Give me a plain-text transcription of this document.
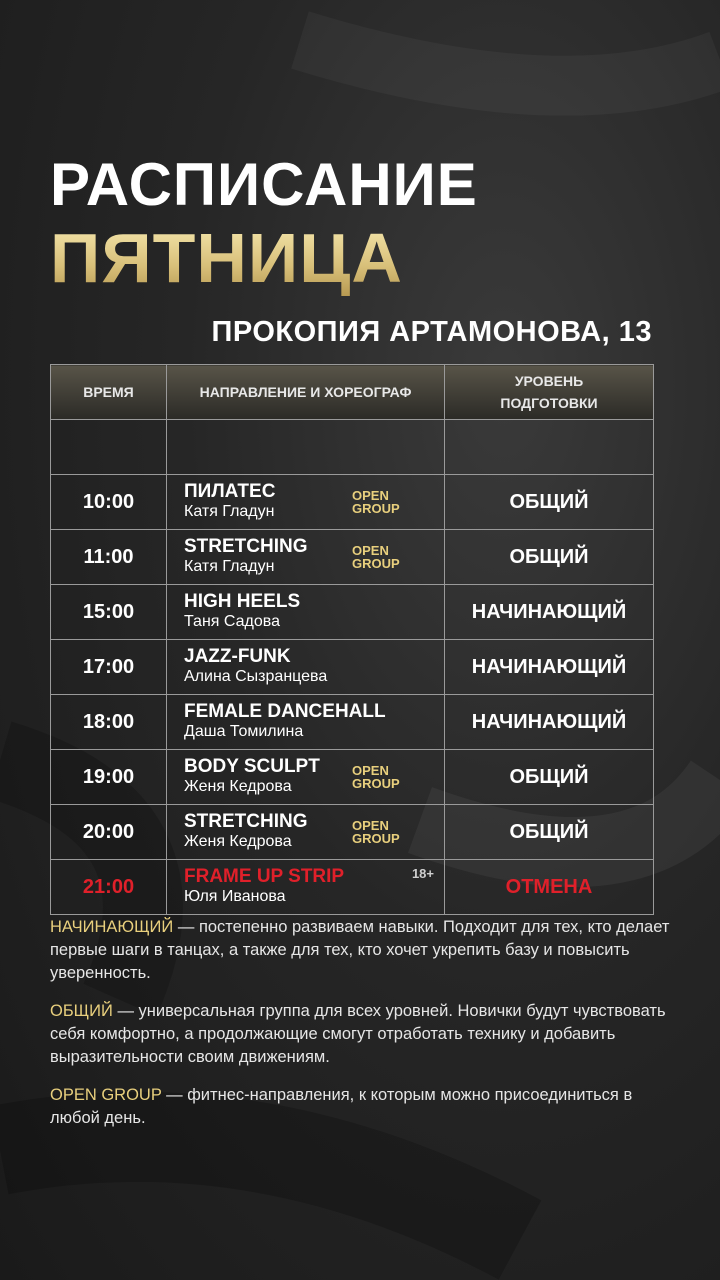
РАСПИСАНИЕ
ПЯТНИЦА
ПРОКОПИЯ АРТАМОНОВА, 13
ВРЕМЯ	НАПРАВЛЕНИЕ И ХОРЕОГРАФ	УРОВЕНЬ
ПОДГОТОВКИ

10:00	ПИЛАТЕС
Катя Гладун
OPEN
GROUP	ОБЩИЙ
11:00	STRETCHING
Катя Гладун
OPEN
GROUP	ОБЩИЙ
15:00	HIGH HEELS
Таня Садова	НАЧИНАЮЩИЙ
17:00	JAZZ-FUNK
Алина Сызранцева	НАЧИНАЮЩИЙ
18:00	FEMALE DANCEHALL
Даша Томилина	НАЧИНАЮЩИЙ
19:00	BODY SCULPT
Женя Кедрова
OPEN
GROUP	ОБЩИЙ
20:00	STRETCHING
Женя Кедрова
OPEN
GROUP	ОБЩИЙ
21:00	FRAME UP STRIP
Юля Иванова
18+	ОТМЕНА

НАЧИНАЮЩИЙ — постепенно развиваем навыки. Подходит для тех, кто делает первые шаги в танцах, а также для тех, кто хочет укрепить базу и повысить уверенность.

ОБЩИЙ — универсальная группа для всех уровней. Новички будут чувствовать себя комфортно, а продолжающие смогут отработать технику и добавить выразительности своим движениям.

OPEN GROUP — фитнес-направления, к которым можно присоединиться в любой день.
